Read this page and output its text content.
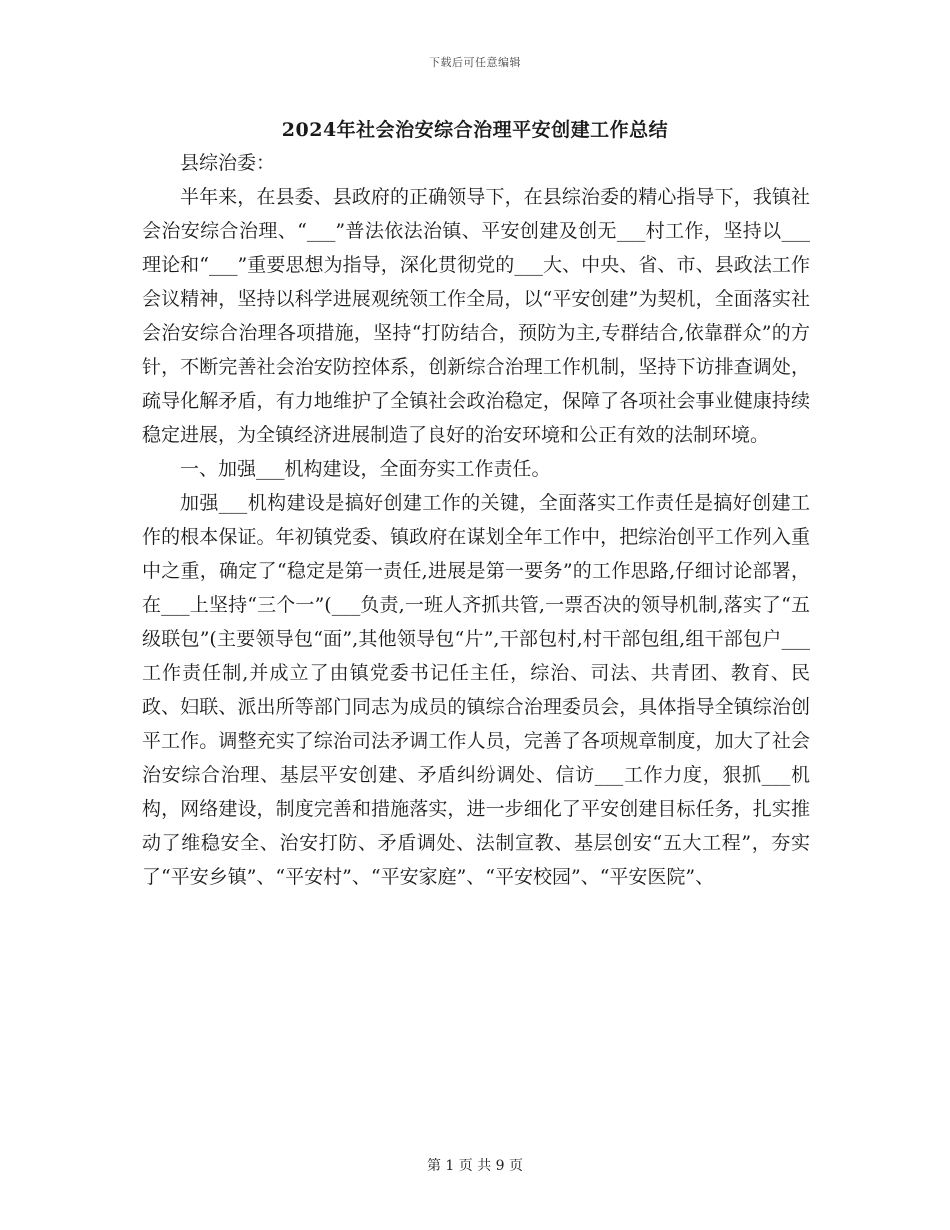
下载后可任意编辑
2024年社会治安综合治理平安创建工作总结

县综治委：

半年来，在县委、县政府的正确领导下，在县综治委的精心指导下，我镇社会治安综合治理、“___”普法依法治镇、平安创建及创无___村工作，坚持以___理论和“___”重要思想为指导，深化贯彻党的___大、中央、省、市、县政法工作会议精神，坚持以科学进展观统领工作全局，以“平安创建”为契机，全面落实社会治安综合治理各项措施，坚持“打防结合，预防为主,专群结合,依靠群众”的方针，不断完善社会治安防控体系，创新综合治理工作机制，坚持下访排查调处，疏导化解矛盾，有力地维护了全镇社会政治稳定，保障了各项社会事业健康持续稳定进展，为全镇经济进展制造了良好的治安环境和公正有效的法制环境。

一、加强___机构建设，全面夯实工作责任。

加强___机构建设是搞好创建工作的关键，全面落实工作责任是搞好创建工作的根本保证。年初镇党委、镇政府在谋划全年工作中，把综治创平工作列入重中之重，确定了“稳定是第一责任,进展是第一要务”的工作思路,仔细讨论部署，在___上坚持“三个一”(___负责,一班人齐抓共管,一票否决的领导机制,落实了“五级联包”(主要领导包“面”,其他领导包“片”,干部包村,村干部包组,组干部包户___工作责任制,并成立了由镇党委书记任主任，综治、司法、共青团、教育、民政、妇联、派出所等部门同志为成员的镇综合治理委员会，具体指导全镇综治创平工作。调整充实了综治司法矛调工作人员，完善了各项规章制度，加大了社会治安综合治理、基层平安创建、矛盾纠纷调处、信访___工作力度，狠抓___机构，网络建设，制度完善和措施落实，进一步细化了平安创建目标任务，扎实推动了维稳安全、治安打防、矛盾调处、法制宣教、基层创安“五大工程”，夯实了“平安乡镇”、“平安村”、“平安家庭”、“平安校园”、“平安医院”、

第 1 页 共 9 页
